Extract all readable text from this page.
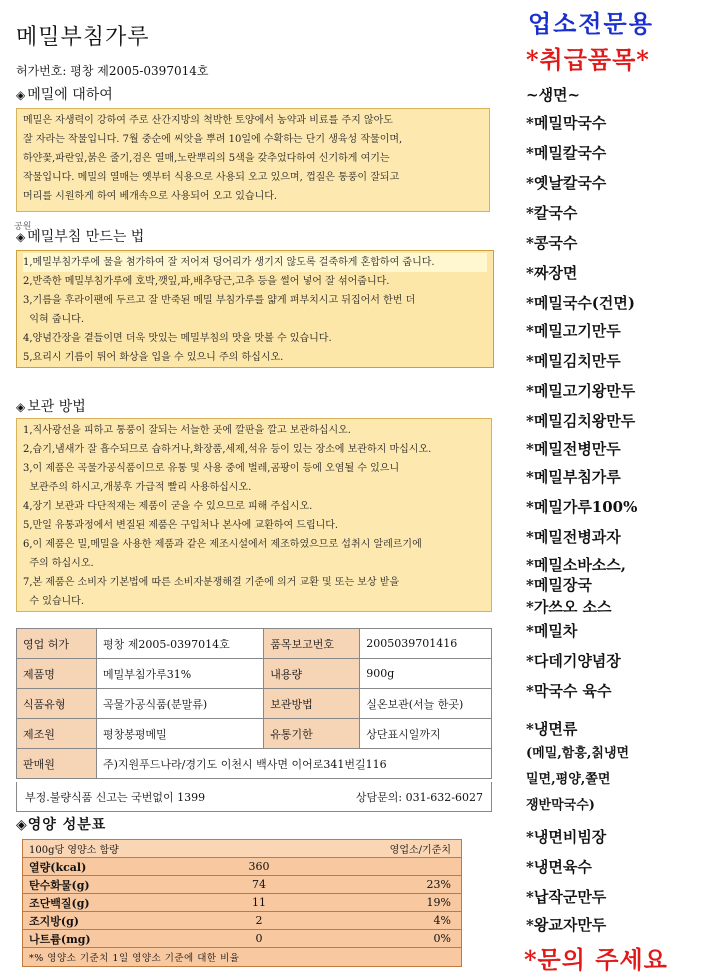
메밀부침가루
허가번호: 평창 제2005-0397014호
◈ 메밀에 대하여

메밀은 자생력이 강하여 주로 산간지방의 척박한 토양에서 농약과 비료를 주지 않아도

잘 자라는 작물입니다. 7월 중순에 씨앗을 뿌려 10일에 수확하는 단기 생육성 작물이며,

하얀꽃,파란잎,붉은 줄기,검은 열매,노란뿌리의 5색을 갖추었다하여 신기하게 여기는

작물입니다. 메밀의 열매는 옛부터 식용으로 사용되 오고 있으며, 껍질은 통풍이 잘되고

머리를 시원하게 하여 베개속으로 사용되어 오고 있습니다.

공원
◈ 메밀부침 만드는 법

1,메밀부침가루에 물을 첨가하여 잘 저어져 덩어리가 생기지 않도록 걸죽하게 혼합하여 줍니다.

2,반죽한 메밀부침가루에 호박,깻잎,파,배추당근,고추 등을 썰어 넣어 잘 섞어줍니다.

3,기름을 후라이팬에 두르고 잘 반죽된 메밀 부침가루를 얇게 펴부치시고 뒤집어서 한번 더

익혀 줍니다.

4,양념간장을 곁들이면 더욱 맛있는 메밀부침의 맛을 맛볼 수 있습니다.

5,요리시 기름이 튀어 화상을 입을 수 있으니 주의 하십시오.

◈ 보관 방법

1,직사광선을 피하고 통풍이 잘되는 서늘한 곳에 깔판을 깔고 보관하십시오.

2,습기,냄새가 잘 흡수되므로 습하거나,화장품,세제,석유 등이 있는 장소에 보관하지 마십시오.

3,이 제품은 곡물가공식품이므로 유통 및 사용 중에 벌레,곰팡이 등에 오염될 수 있으니

보관주의 하시고,개봉후 가급적 빨리 사용하십시오.

4,장기 보관과 다단적재는 제품이 굳을 수 있으므로 피해 주십시오.

5,만일 유통과정에서 변질된 제품은 구입처나 본사에 교환하여 드립니다.

6,이 제품은 밀,메밀을 사용한 제품과 같은 제조시설에서 제조하였으므로 섭취시 알레르기에

주의 하십시오.

7,본 제품은 소비자 기본법에 따른 소비자분쟁해결 기준에 의거 교환 및 또는 보상 받을

수 있습니다.

영업 허가	평창 제2005-0397014호	품목보고번호	2005039701416
제품명	메밀부침가루31%	내용량	900g
식품유형	곡물가공식품(분말류)	보관방법	실온보관(서늘 한곳)
제조원	평창봉평메밀	유통기한	상단표시일까지
판매원	주)지원푸드나라/경기도 이천시 백사면 이어로341번길116		
부정.불량식품 신고는 국번없이 1399	상담문의: 031-632-6027
◈영양 성분표
100g당 영양소 함량	영업소/기준치
열량(kcal)	360
탄수화물(g)	74	23%
조단백질(g)	11	19%
조지방(g)	2	4%
나트륨(mg)	0	0%
*% 영양소 기준치 1일 영양소 기준에 대한 비율
업소전문용
*취급품목*
~생면~
*메밀막국수
*메밀칼국수
*옛날칼국수
*칼국수
*콩국수
*짜장면
*메밀국수(건면)
*메밀고기만두
*메밀김치만두
*메밀고기왕만두
*메밀김치왕만두
*메밀전병만두
*메밀부침가루
*메밀가루100%
*메밀전병과자
*메밀소바소스,
*메밀장국
*가쓰오 소스
*메밀차
*다데기양념장
*막국수 육수
*냉면류
(메밀,함흥,칡냉면
밀면,평양,쫄면
쟁반막국수)
*냉면비빔장
*냉면육수
*납작군만두
*왕교자만두
*문의 주세요
